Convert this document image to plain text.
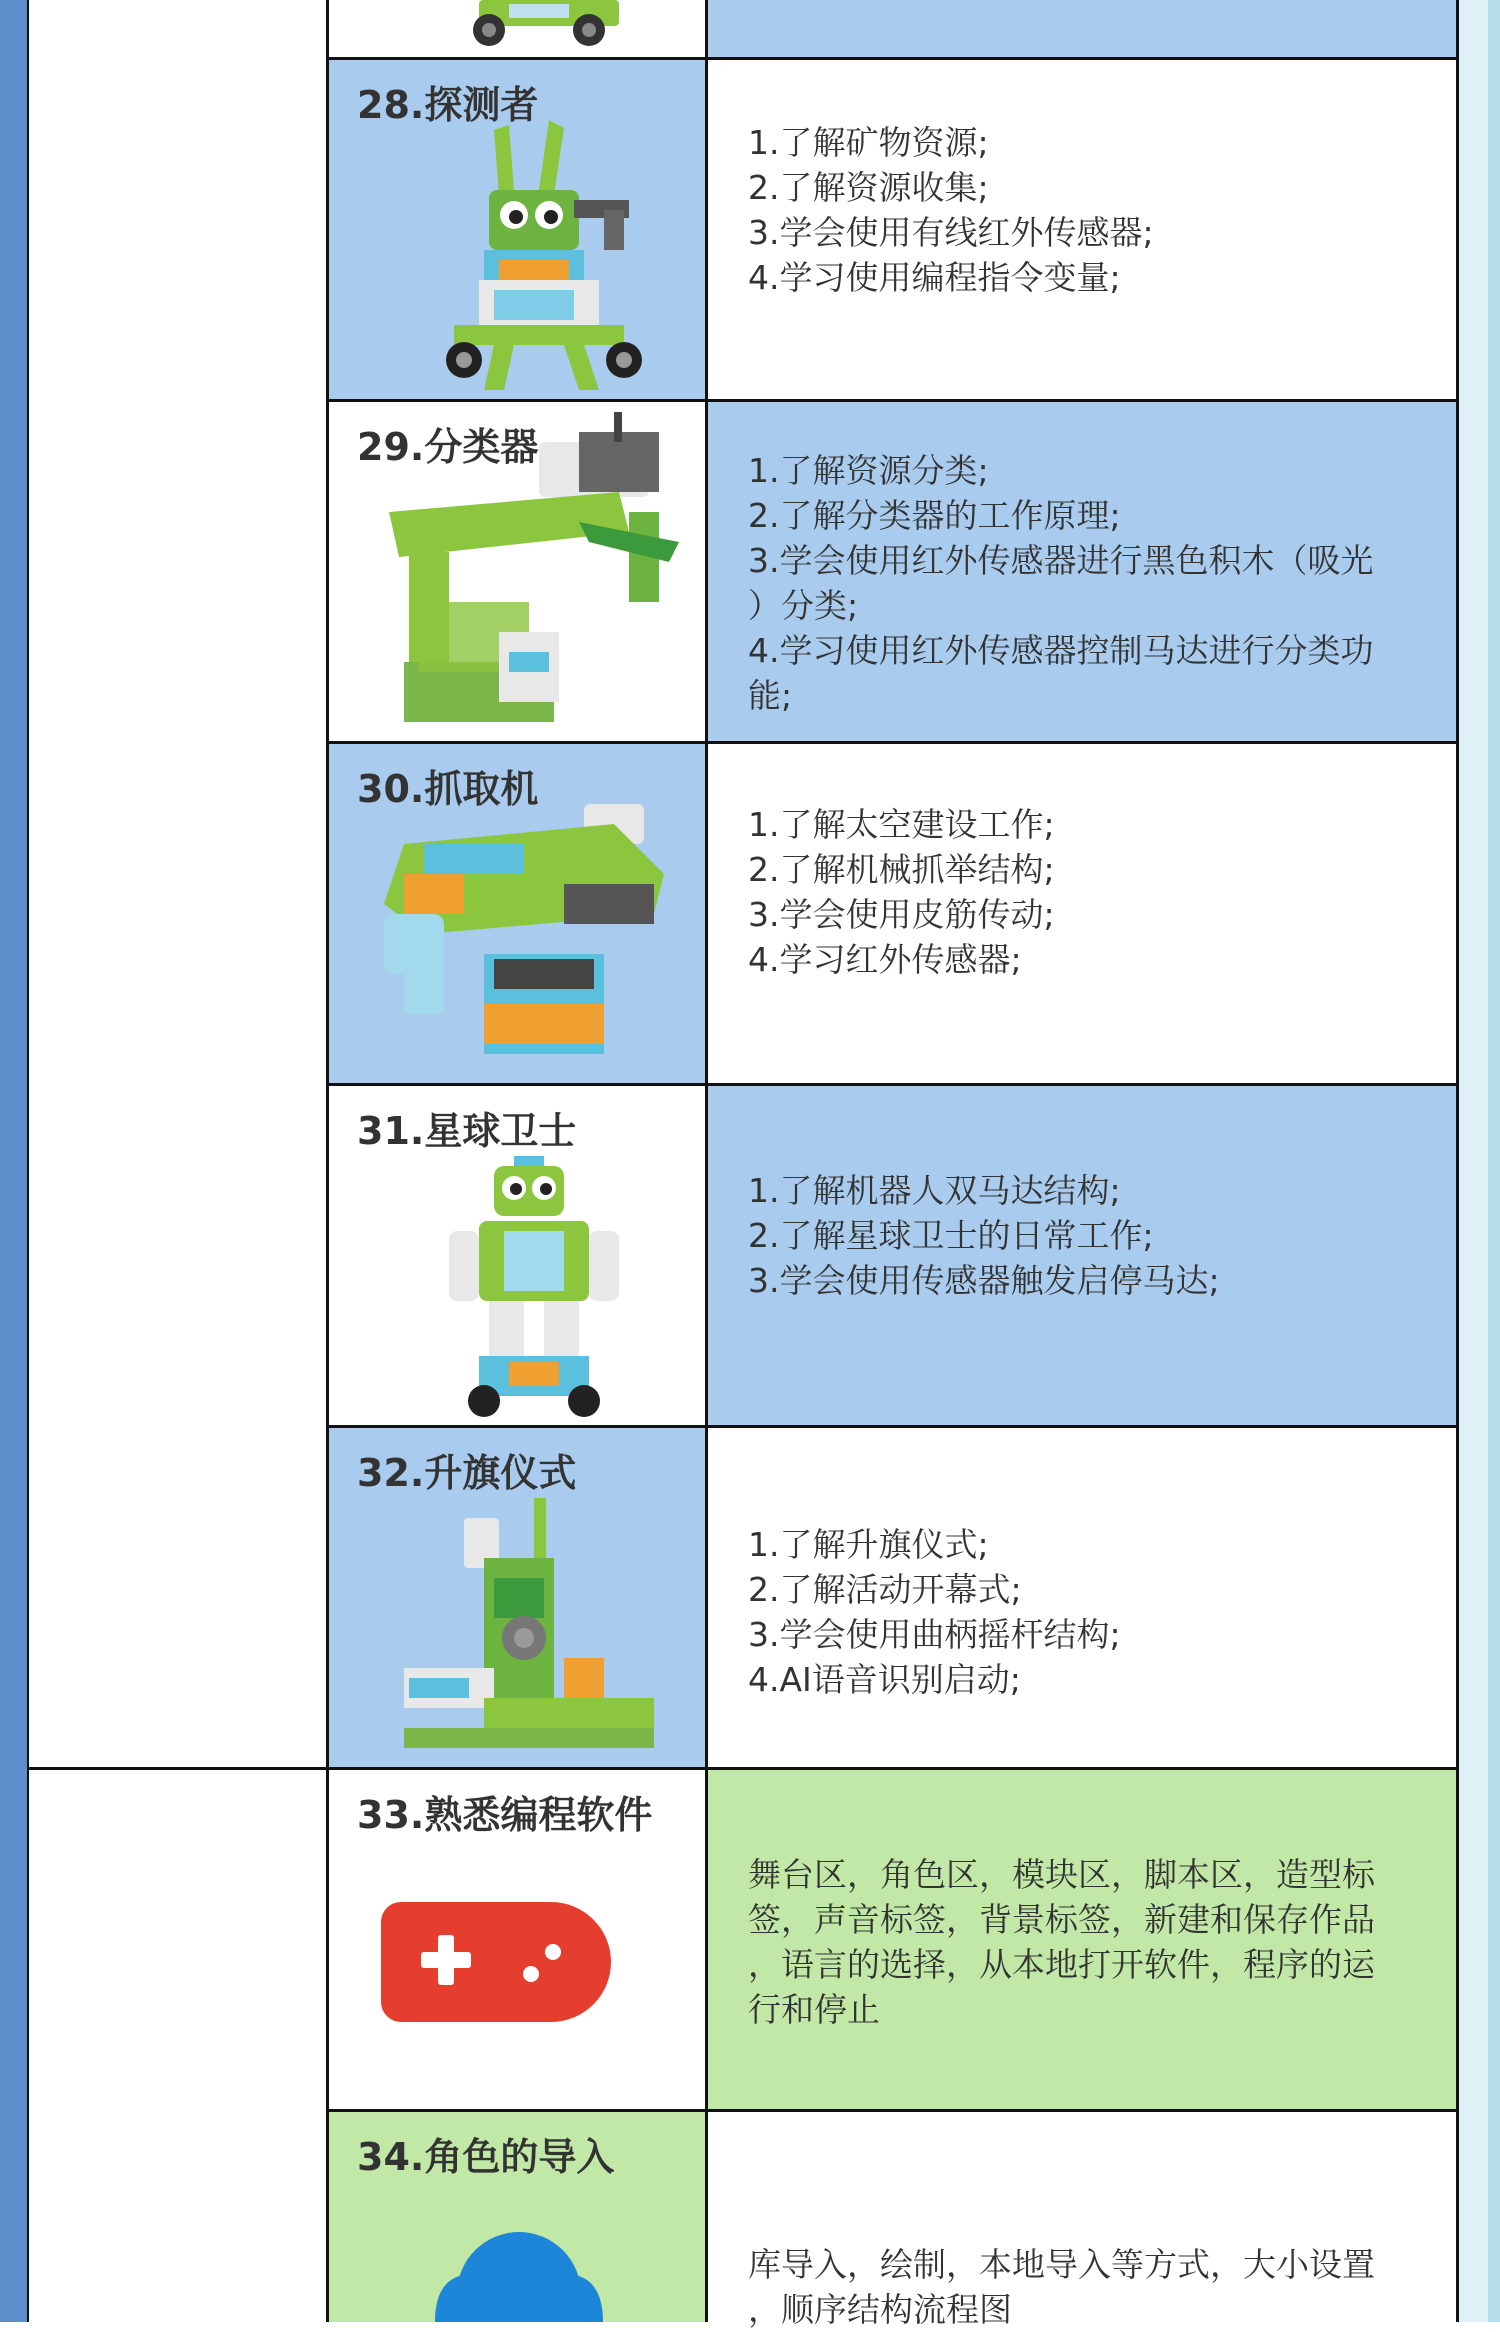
28.探测者
1.了解矿物资源;
2.了解资源收集;
3.学会使用有线红外传感器;
4.学习使用编程指令变量;
29.分类器
1.了解资源分类;
2.了解分类器的工作原理;
3.学会使用红外传感器进行黑色积木（吸光
）分类;
4.学习使用红外传感器控制马达进行分类功
能;
30.抓取机
1.了解太空建设工作;
2.了解机械抓举结构;
3.学会使用皮筋传动;
4.学习红外传感器;
31.星球卫士
1.了解机器人双马达结构;
2.了解星球卫士的日常工作;
3.学会使用传感器触发启停马达;
32.升旗仪式
1.了解升旗仪式;
2.了解活动开幕式;
3.学会使用曲柄摇杆结构;
4.AI语音识别启动;
33.熟悉编程软件
舞台区，角色区，模块区，脚本区，造型标
签，声音标签，背景标签，新建和保存作品
，语言的选择，从本地打开软件，程序的运
行和停止
34.角色的导入
库导入，绘制，本地导入等方式，大小设置
，顺序结构流程图
